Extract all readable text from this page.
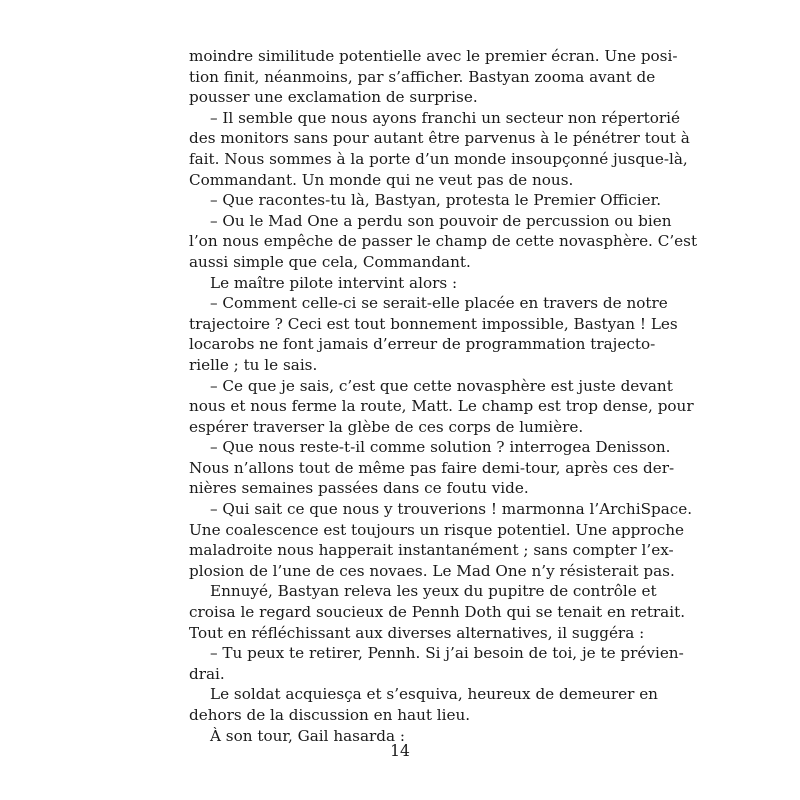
moindre similitude potentielle avec le premier écran. Une posi-
tion finit, néanmoins, par s’afficher. Bastyan zooma avant de
pousser une exclamation de surprise.
– Il semble que nous ayons franchi un secteur non répertorié
des monitors sans pour autant être parvenus à le pénétrer tout à
fait. Nous sommes à la porte d’un monde insoupçonné jusque-là,
Commandant. Un monde qui ne veut pas de nous.
– Que racontes-tu là, Bastyan, protesta le Premier Officier.
– Ou le Mad One a perdu son pouvoir de percussion ou bien
l’on nous empêche de passer le champ de cette novasphère. C’est
aussi simple que cela, Commandant.
Le maître pilote intervint alors :
– Comment celle-ci se serait-elle placée en travers de notre
trajectoire ? Ceci est tout bonnement impossible, Bastyan ! Les
locarobs ne font jamais d’erreur de programmation trajecto-
rielle ; tu le sais.
– Ce que je sais, c’est que cette novasphère est juste devant
nous et nous ferme la route, Matt. Le champ est trop dense, pour
espérer traverser la glèbe de ces corps de lumière.
– Que nous reste-t-il comme solution ? interrogea Denisson.
Nous n’allons tout de même pas faire demi-tour, après ces der-
nières semaines passées dans ce foutu vide.
– Qui sait ce que nous y trouverions ! marmonna l’ArchiSpace.
Une coalescence est toujours un risque potentiel. Une approche
maladroite nous happerait instantanément ; sans compter l’ex-
plosion de l’une de ces novaes. Le Mad One n’y résisterait pas.
Ennuyé, Bastyan releva les yeux du pupitre de contrôle et
croisa le regard soucieux de Pennh Doth qui se tenait en retrait.
Tout en réfléchissant aux diverses alternatives, il suggéra :
– Tu peux te retirer, Pennh. Si j’ai besoin de toi, je te prévien-
drai.
Le soldat acquiesça et s’esquiva, heureux de demeurer en
dehors de la discussion en haut lieu.
À son tour, Gail hasarda :
14
